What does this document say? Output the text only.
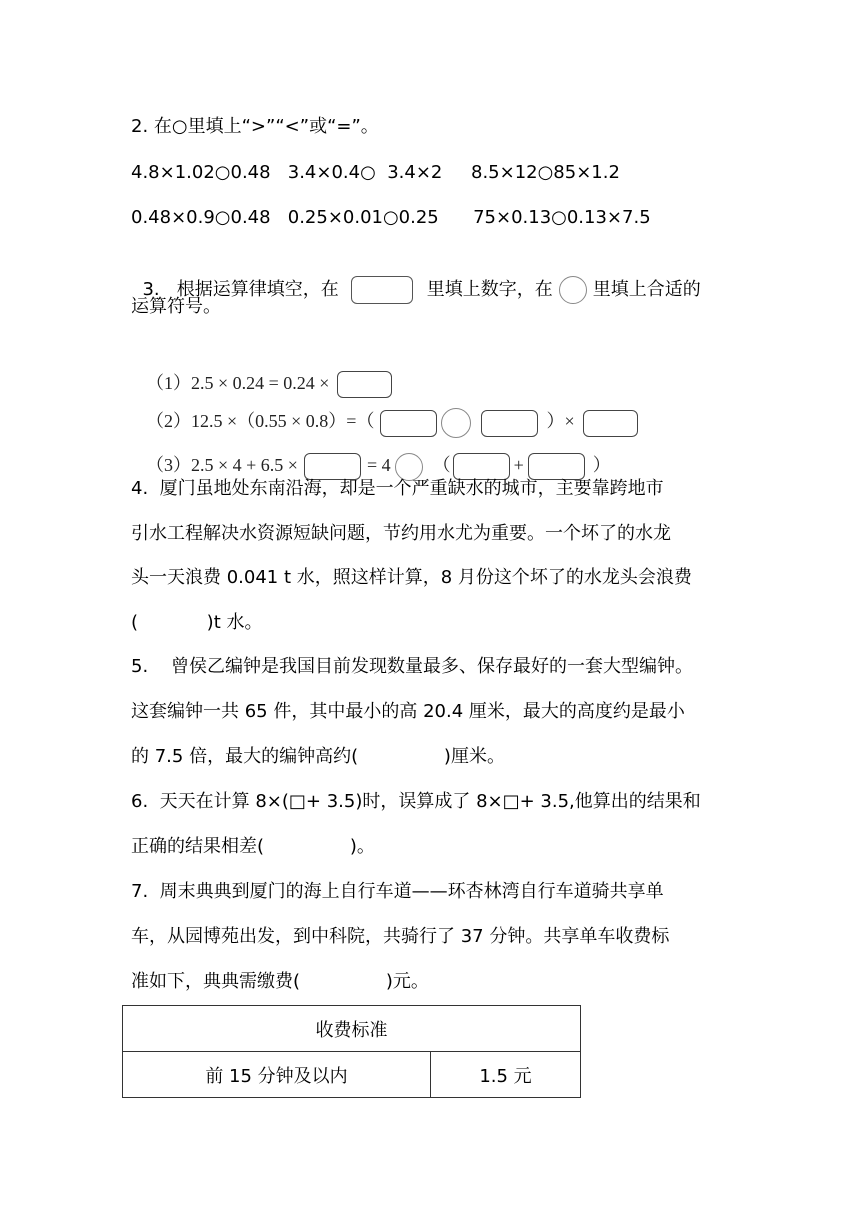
2. 在○里填上“>”“<”或“=”。
4.8×1.02○0.48   3.4×0.4○  3.4×2     8.5×12○85×1.2
0.48×0.9○0.48   0.25×0.01○0.25      75×0.13○0.13×7.5

3.   根据运算律填空，在	里填上数字，在 里填上合适的

运算符号。

（1）2.5 × 0.24 = 0.24 ×

（2）12.5 ×（0.55 × 0.8）=（	）×

（3）2.5 × 4 + 6.5 ×	= 4 （	+	）

4.  厦门虽地处东南沿海，却是一个严重缺水的城市，主要靠跨地市
引水工程解决水资源短缺问题，节约用水尤为重要。一个坏了的水龙
头一天浪费 0.041 t 水，照这样计算，8 月份这个坏了的水龙头会浪费
(            )t 水。
5.    曾侯乙编钟是我国目前发现数量最多、保存最好的一套大型编钟。
这套编钟一共 65 件，其中最小的高 20.4 厘米，最大的高度约是最小
的 7.5 倍，最大的编钟高约(               )厘米。
6.  天天在计算 8×(□+ 3.5)时，误算成了 8×□+ 3.5,他算出的结果和
正确的结果相差(               )。
7.  周末典典到厦门的海上自行车道——环杏林湾自行车道骑共享单
车，从园博苑出发，到中科院，共骑行了 37 分钟。共享单车收费标
准如下，典典需缴费(               )元。
收费标准
前 15 分钟及以内	1.5 元
